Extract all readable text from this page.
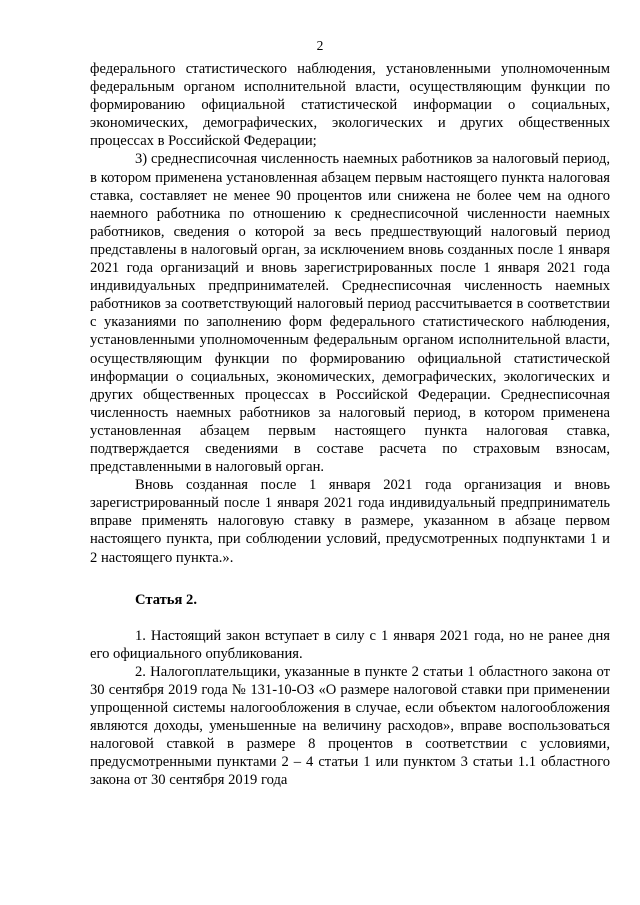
2

федерального статистического наблюдения, установленными уполномоченным федеральным органом исполнительной власти, осуществляющим функции по формированию официальной статистической информации о социальных, экономических, демографических, экологических и других общественных процессах в Российской Федерации;

3) среднесписочная численность наемных работников за налоговый период, в котором применена установленная абзацем первым настоящего пункта налоговая ставка, составляет не менее 90 процентов или снижена не более чем на одного наемного работника по отношению к среднесписочной численности наемных работников, сведения о которой за весь предшествующий налоговый период представлены в налоговый орган, за исключением вновь созданных после 1 января 2021 года организаций и вновь зарегистрированных после 1 января 2021 года индивидуальных предпринимателей. Среднесписочная численность наемных работников за соответствующий налоговый период рассчитывается в соответствии с указаниями по заполнению форм федерального статистического наблюдения, установленными уполномоченным федеральным органом исполнительной власти, осуществляющим функции по формированию официальной статистической информации о социальных, экономических, демографических, экологических и других общественных процессах в Российской Федерации. Среднесписочная численность наемных работников за налоговый период, в котором применена установленная абзацем первым настоящего пункта налоговая ставка, подтверждается сведениями в составе расчета по страховым взносам, представленными в налоговый орган.

Вновь созданная после 1 января 2021 года организация и вновь зарегистрированный после 1 января 2021 года индивидуальный предприниматель вправе применять налоговую ставку в размере, указанном в абзаце первом настоящего пункта, при соблюдении условий, предусмотренных подпунктами 1 и 2 настоящего пункта.».

Статья 2.

1. Настоящий закон вступает в силу с 1 января 2021 года, но не ранее дня его официального опубликования.

2. Налогоплательщики, указанные в пункте 2 статьи 1 областного закона от 30 сентября 2019 года № 131-10-ОЗ «О размере налоговой ставки при применении упрощенной системы налогообложения в случае, если объектом налогообложения являются доходы, уменьшенные на величину расходов», вправе воспользоваться налоговой ставкой в размере 8 процентов в соответствии с условиями, предусмотренными пунктами 2 – 4 статьи 1 или пунктом 3 статьи 1.1 областного закона от 30 сентября 2019 года
